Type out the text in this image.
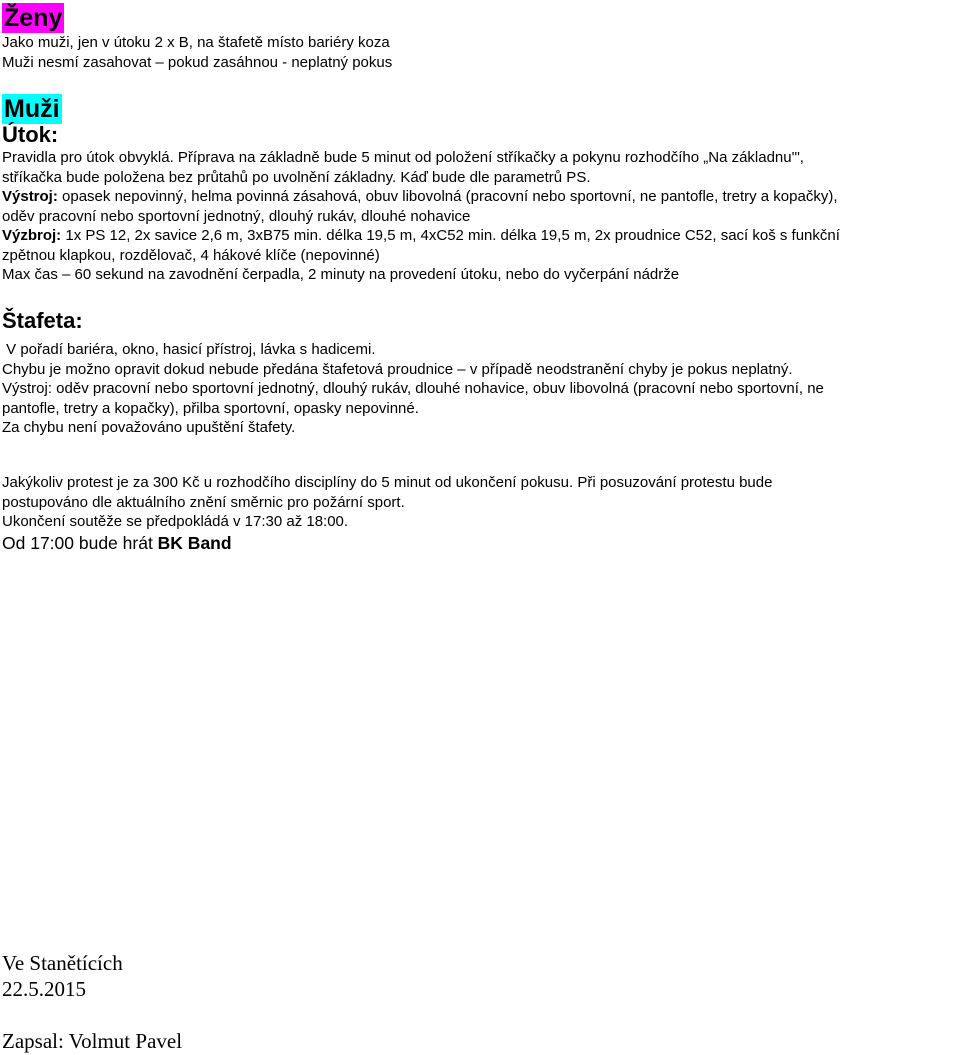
Ženy
Jako muži, jen v útoku 2 x B, na štafetě místo bariéry koza
Muži nesmí zasahovat – pokud zasáhnou - neplatný pokus
Muži
Útok:
Pravidla pro útok obvyklá. Příprava na základně bude 5 minut od položení stříkačky a pokynu rozhodčího „Na základnu'",
stříkačka bude položena bez průtahů po uvolnění základny. Káď bude dle parametrů PS.
Výstroj: opasek nepovinný, helma povinná zásahová, obuv libovolná (pracovní nebo sportovní, ne pantofle, tretry a kopačky),
oděv pracovní nebo sportovní jednotný, dlouhý rukáv, dlouhé nohavice
Výzbroj: 1x PS 12, 2x savice 2,6 m, 3xB75 min. délka 19,5 m, 4xC52 min. délka 19,5 m, 2x proudnice C52, sací koš s funkční
zpětnou klapkou, rozdělovač, 4 hákové klíče (nepovinné)
Max čas – 60 sekund na zavodnění čerpadla, 2 minuty na provedení útoku, nebo do vyčerpání nádrže
Štafeta:
V pořadí bariéra, okno, hasicí přístroj, lávka s hadicemi.
Chybu je možno opravit dokud nebude předána štafetová proudnice – v případě neodstranění chyby je pokus neplatný.
Výstroj: oděv pracovní nebo sportovní jednotný, dlouhý rukáv, dlouhé nohavice, obuv libovolná (pracovní nebo sportovní, ne
pantofle, tretry a kopačky), přilba sportovní, opasky nepovinné.
Za chybu není považováno upuštění štafety.
Jakýkoliv protest je za 300 Kč u rozhodčího disciplíny do 5 minut od ukončení pokusu. Při posuzování protestu bude
postupováno dle aktuálního znění směrnic pro požární sport.
Ukončení soutěže se předpokládá v 17:30 až 18:00.
Od 17:00 bude hrát BK Band
Ve Stanětících
22.5.2015
Zapsal: Volmut Pavel
